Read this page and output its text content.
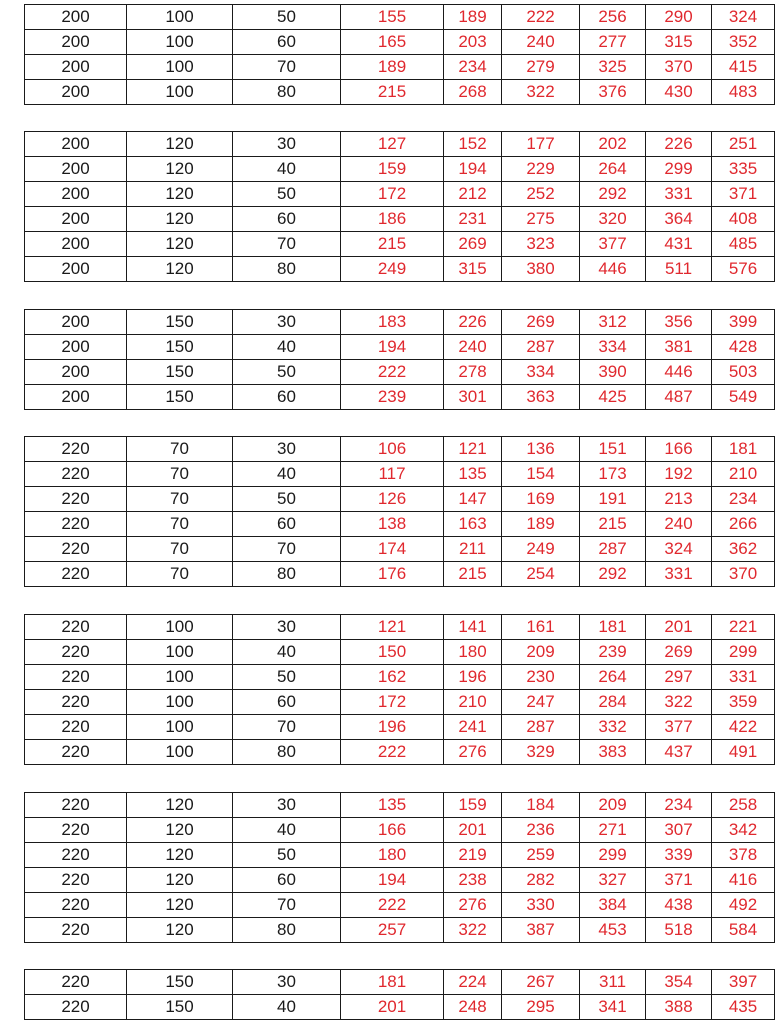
200	100	50	155	189	222	256	290	324
200	100	60	165	203	240	277	315	352
200	100	70	189	234	279	325	370	415
200	100	80	215	268	322	376	430	483
200	120	30	127	152	177	202	226	251
200	120	40	159	194	229	264	299	335
200	120	50	172	212	252	292	331	371
200	120	60	186	231	275	320	364	408
200	120	70	215	269	323	377	431	485
200	120	80	249	315	380	446	511	576
200	150	30	183	226	269	312	356	399
200	150	40	194	240	287	334	381	428
200	150	50	222	278	334	390	446	503
200	150	60	239	301	363	425	487	549
220	70	30	106	121	136	151	166	181
220	70	40	117	135	154	173	192	210
220	70	50	126	147	169	191	213	234
220	70	60	138	163	189	215	240	266
220	70	70	174	211	249	287	324	362
220	70	80	176	215	254	292	331	370
220	100	30	121	141	161	181	201	221
220	100	40	150	180	209	239	269	299
220	100	50	162	196	230	264	297	331
220	100	60	172	210	247	284	322	359
220	100	70	196	241	287	332	377	422
220	100	80	222	276	329	383	437	491
220	120	30	135	159	184	209	234	258
220	120	40	166	201	236	271	307	342
220	120	50	180	219	259	299	339	378
220	120	60	194	238	282	327	371	416
220	120	70	222	276	330	384	438	492
220	120	80	257	322	387	453	518	584
220	150	30	181	224	267	311	354	397
220	150	40	201	248	295	341	388	435
